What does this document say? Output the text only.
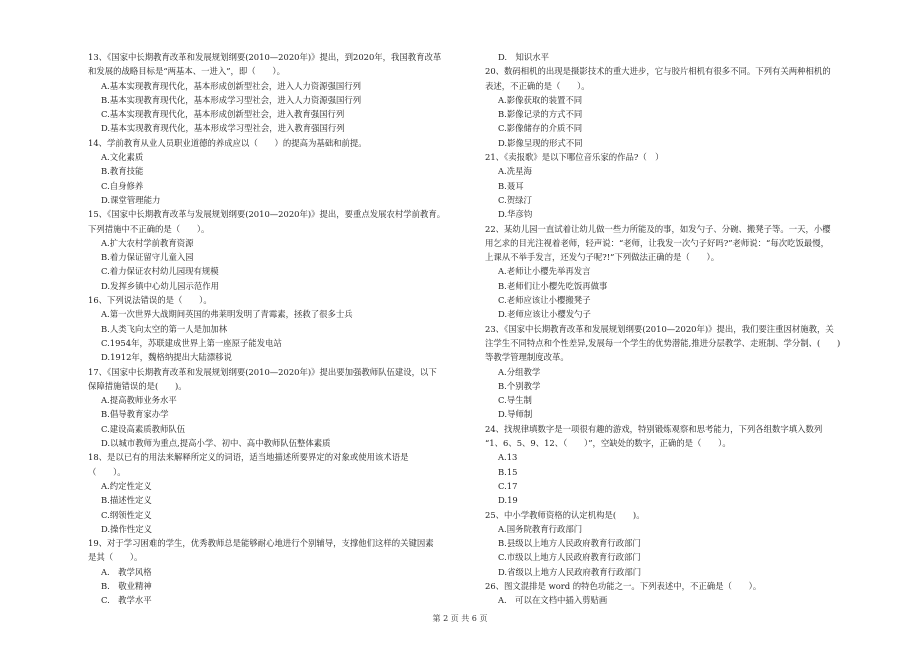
13、《国家中长期教育改革和发展规划纲要(2010—2020年)》提出，到2020年，我国教育改革
和发展的战略目标是“两基本、一进入”，即（　　）。
A.基本实现教育现代化，基本形成创新型社会，进入人力资源强国行列
B.基本实现教育现代化，基本形成学习型社会，进入人力资源强国行列
C.基本实现教育现代化，基本形成创新型社会，进入教育强国行列
D.基本实现教育现代化，基本形成学习型社会，进入教育强国行列
14、学前教育从业人员职业道德的养成应以（　　）的提高为基础和前提。
A.文化素质
B.教育技能
C.自身修养
D.课堂管理能力
15、《国家中长期教育改革与发展规划纲要(2010—2020年)》提出，要重点发展农村学前教育。
下列措施中不正确的是（　　）。
A.扩大农村学前教育资源
B.着力保证留守儿童入园
C.着力保证农村幼儿园现有规模
D.发挥乡镇中心幼儿园示范作用
16、下列说法错误的是（　　）。
A.第一次世界大战期间英国的弗莱明发明了青霉素，拯救了很多士兵
B.人类飞向太空的第一人是加加林
C.1954年，苏联建成世界上第一座原子能发电站
D.1912年，魏格纳提出大陆漂移说
17、《国家中长期教育改革和发展规划纲要(2010—2020年)》提出要加强教师队伍建设，以下
保障措施错误的是(　　)。
A.提高教师业务水平
B.倡导教育家办学
C.建设高素质教师队伍
D.以城市教师为重点,提高小学、初中、高中教师队伍整体素质
18、是以已有的用法来解释所定义的词语，适当地描述所要界定的对象或使用该术语是
（　　）。
A.约定性定义
B.描述性定义
C.纲领性定义
D.操作性定义
19、对于学习困难的学生，优秀教师总是能够耐心地进行个别辅导，支撑他们这样的关键因素
是其（　　）。
A.　教学风格
B.　敬业精神
C.　教学水平
D.　知识水平
20、数码相机的出现是摄影技术的重大进步，它与胶片相机有很多不同。下列有关两种相机的
表述，不正确的是（　　）。
A.影像获取的装置不同
B.影像记录的方式不同
C.影像储存的介质不同
D.影像呈现的形式不同
21、《卖报歌》是以下哪位音乐家的作品?（　）
A.冼星海
B.聂耳
C.贺绿汀
D.华彦钧
22、某幼儿园一直试着让幼儿做一些力所能及的事，如发勺子、分碗、搬凳子等。一天，小樱
用乞求的目光注视着老师，轻声说：“老师，让我发一次勺子好吗?”老师说：“每次吃饭最慢，
上课从不举手发言，还发勺子呢?!”下列做法正确的是（　　）。
A.老师让小樱先举再发言
B.老师们让小樱先吃饭再做事
C.老师应该让小樱搬凳子
D.老师应该让小樱发勺子
23、《国家中长期教育改革和发展规划纲要(2010—2020年)》提出，我们要注重因材施教，关
注学生不同特点和个性差异,发展每一个学生的优势潜能,推进分层教学、走班制、学分制、(　　)
等教学管理制度改革。
A.分组教学
B.个别教学
C.导生制
D.导师制
24、找规律填数字是一项很有趣的游戏，特别锻炼观察和思考能力，下列各组数字填入数列
“1、6、5、9、12、（　　）”，空缺处的数字，正确的是（　　）。
A.13
B.15
C.17
D.19
25、中小学教师资格的认定机构是(　　)。
A.国务院教育行政部门
B.县级以上地方人民政府教育行政部门
C.市级以上地方人民政府教育行政部门
D.省级以上地方人民政府教育行政部门
26、图文混排是 word 的特色功能之一。下列表述中，不正确是（　　）。
A.　可以在文档中插入剪贴画
第 2 页 共 6 页
